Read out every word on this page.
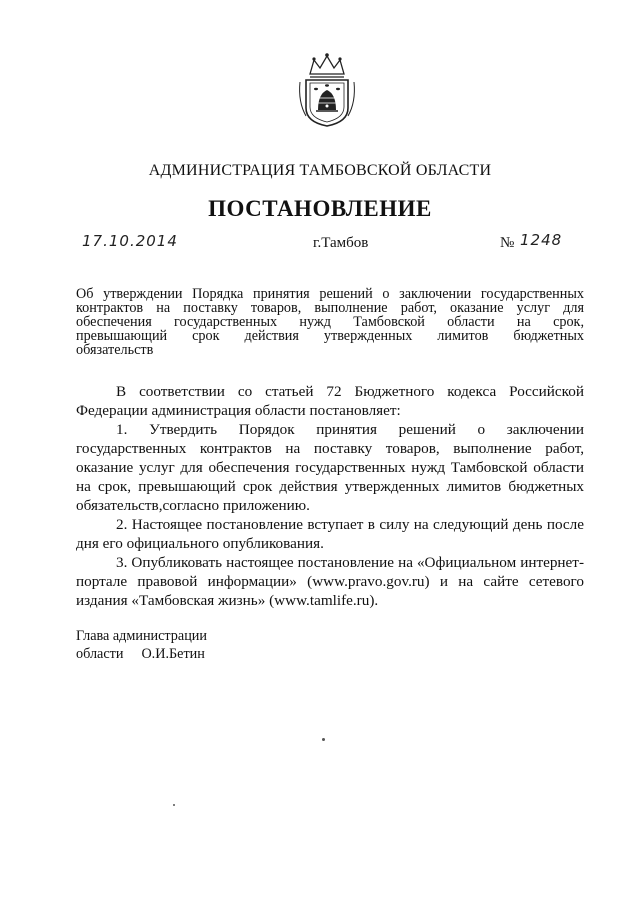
АДМИНИСТРАЦИЯ ТАМБОВСКОЙ ОБЛАСТИ
ПОСТАНОВЛЕНИЕ
17.10.2014	г.Тамбов	№ 1248
Об утверждении Порядка принятия решений о заключении государственных
контрактов на поставку товаров, выполнение работ, оказание услуг для
обеспечения государственных нужд Тамбовской области на срок,
превышающий срок действия утвержденных лимитов бюджетных
обязательств
В соответствии со статьей 72 Бюджетного кодекса Российской
Федерации администрация области постановляет:
1. Утвердить Порядок принятия решений о заключении
государственных контрактов на поставку товаров, выполнение работ,
оказание услуг для обеспечения государственных нужд Тамбовской области
на срок, превышающий срок действия утвержденных лимитов бюджетных
обязательств,согласно приложению.
2. Настоящее постановление вступает в силу на следующий день после
дня его официального опубликования.
3. Опубликовать настоящее постановление на «Официальном интернет-
портале правовой информации» (www.pravo.gov.ru) и на сайте сетевого
издания «Тамбовская жизнь» (www.tamlife.ru).
Глава администрации
области О.И.Бетин
